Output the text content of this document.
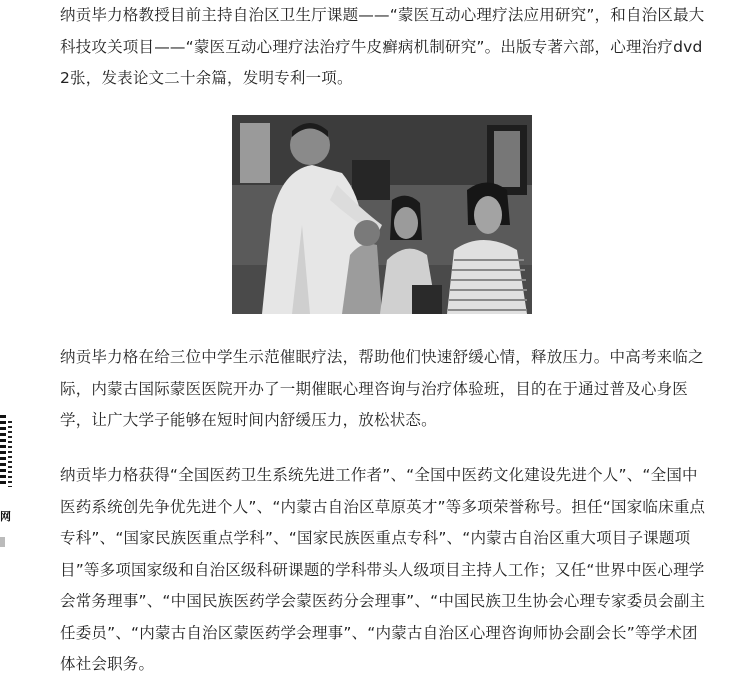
网

纳贡毕力格教授目前主持自治区卫生厅课题——“蒙医互动心理疗法应用研究”，和自治区最大科技攻关项目——“蒙医互动心理疗法治疗牛皮癣病机制研究”。出版专著六部，心理治疗dvd2张，发表论文二十余篇，发明专利一项。

纳贡毕力格在给三位中学生示范催眠疗法，帮助他们快速舒缓心情，释放压力。中高考来临之际，内蒙古国际蒙医医院开办了一期催眠心理咨询与治疗体验班，目的在于通过普及心身医学，让广大学子能够在短时间内舒缓压力，放松状态。

纳贡毕力格获得“全国医药卫生系统先进工作者”、“全国中医药文化建设先进个人”、“全国中医药系统创先争优先进个人”、“内蒙古自治区草原英才”等多项荣誉称号。担任“国家临床重点专科”、“国家民族医重点学科”、“国家民族医重点专科”、“内蒙古自治区重大项目子课题项目”等多项国家级和自治区级科研课题的学科带头人级项目主持人工作；又任“世界中医心理学会常务理事”、“中国民族医药学会蒙医药分会理事”、“中国民族卫生协会心理专家委员会副主任委员”、“内蒙古自治区蒙医药学会理事”、“内蒙古自治区心理咨询师协会副会长”等学术团体社会职务。
